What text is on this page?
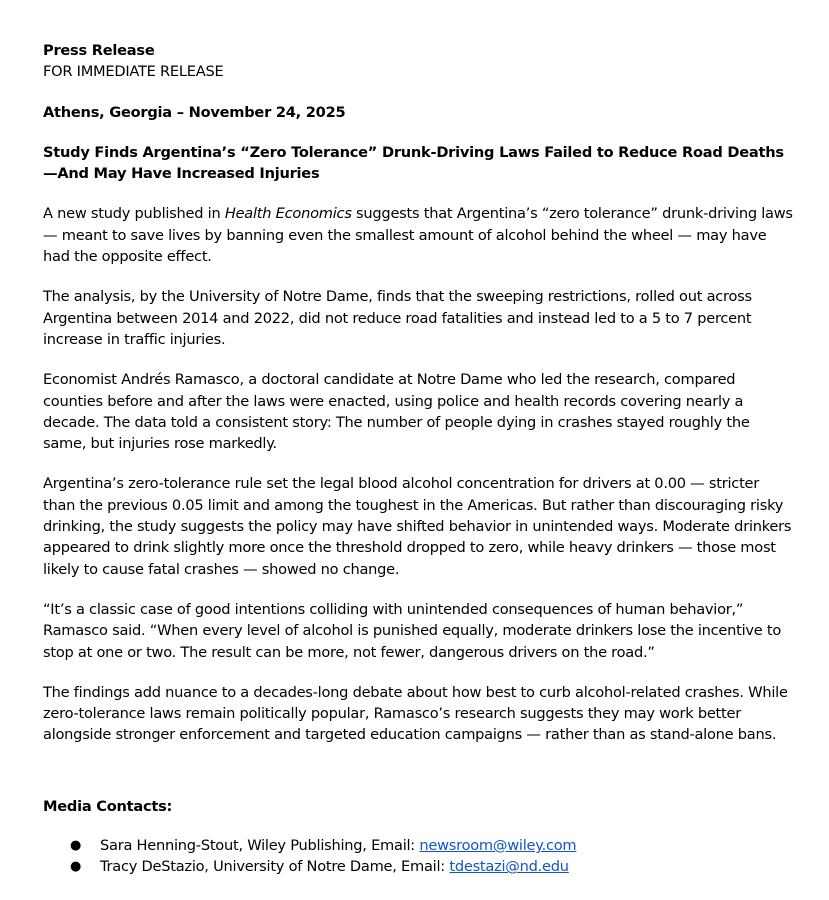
Press Release

FOR IMMEDIATE RELEASE

Athens, Georgia – November 24, 2025

Study Finds Argentina’s “Zero Tolerance” Drunk-Driving Laws Failed to Reduce Road Deaths—And May Have Increased Injuries

A new study published in Health Economics suggests that Argentina’s “zero tolerance” drunk-driving laws — meant to save lives by banning even the smallest amount of alcohol behind the wheel — may have had the opposite effect.

The analysis, by the University of Notre Dame, finds that the sweeping restrictions, rolled out across Argentina between 2014 and 2022, did not reduce road fatalities and instead led to a 5 to 7 percent increase in traffic injuries.

Economist Andrés Ramasco, a doctoral candidate at Notre Dame who led the research, compared counties before and after the laws were enacted, using police and health records covering nearly a decade. The data told a consistent story: The number of people dying in crashes stayed roughly the same, but injuries rose markedly.

Argentina’s zero-tolerance rule set the legal blood alcohol concentration for drivers at 0.00 — stricter than the previous 0.05 limit and among the toughest in the Americas. But rather than discouraging risky drinking, the study suggests the policy may have shifted behavior in unintended ways. Moderate drinkers appeared to drink slightly more once the threshold dropped to zero, while heavy drinkers — those most likely to cause fatal crashes — showed no change.

“It’s a classic case of good intentions colliding with unintended consequences of human behavior,” Ramasco said. “When every level of alcohol is punished equally, moderate drinkers lose the incentive to stop at one or two. The result can be more, not fewer, dangerous drivers on the road.”

The findings add nuance to a decades-long debate about how best to curb alcohol-related crashes. While zero-tolerance laws remain politically popular, Ramasco’s research suggests they may work better alongside stronger enforcement and targeted education campaigns — rather than as stand-alone bans.

Media Contacts:

● Sara Henning-Stout, Wiley Publishing, Email: newsroom@wiley.com
● Tracy DeStazio, University of Notre Dame, Email: tdestazi@nd.edu
